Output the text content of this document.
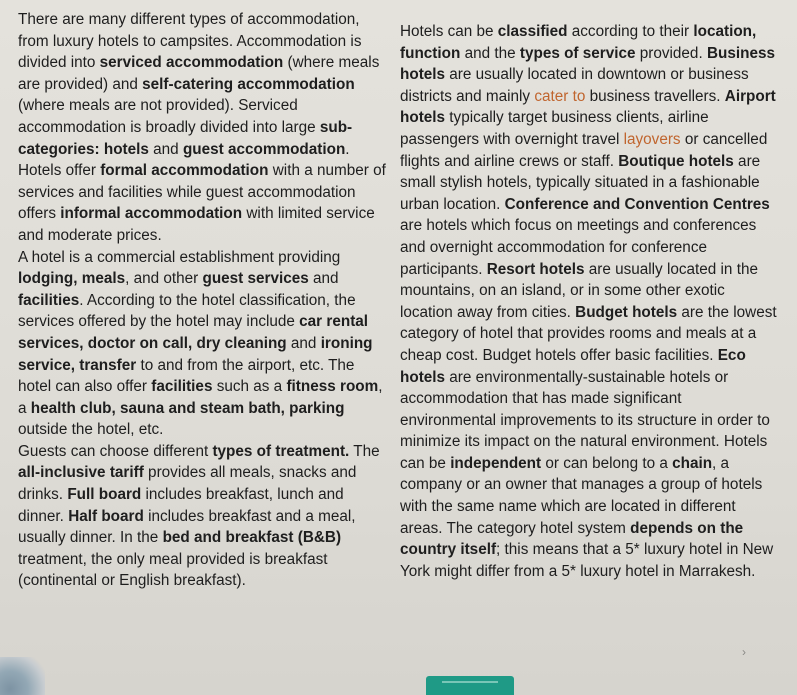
There are many different types of accommodation, from luxury hotels to campsites. Accommodation is divided into serviced accommodation (where meals are provided) and self-catering accommodation (where meals are not provided). Serviced accommodation is broadly divided into large sub-categories: hotels and guest accommodation. Hotels offer formal accommodation with a number of services and facilities while guest accommodation offers informal accommodation with limited service and moderate prices.

A hotel is a commercial establishment providing lodging, meals, and other guest services and facilities. According to the hotel classification, the services offered by the hotel may include car rental services, doctor on call, dry cleaning and ironing service, transfer to and from the airport, etc. The hotel can also offer facilities such as a fitness room, a health club, sauna and steam bath, parking outside the hotel, etc.

Guests can choose different types of treatment. The all-inclusive tariff provides all meals, snacks and drinks. Full board includes breakfast, lunch and dinner. Half board includes breakfast and a meal, usually dinner. In the bed and breakfast (B&B) treatment, the only meal provided is breakfast (continental or English breakfast).

Hotels can be classified according to their location, function and the types of service provided. Business hotels are usually located in downtown or business districts and mainly cater to business travellers. Airport hotels typically target business clients, airline passengers with overnight travel layovers or cancelled flights and airline crews or staff. Boutique hotels are small stylish hotels, typically situated in a fashionable urban location. Conference and Convention Centres are hotels which focus on meetings and conferences and overnight accommodation for conference participants. Resort hotels are usually located in the mountains, on an island, or in some other exotic location away from cities. Budget hotels are the lowest category of hotel that provides rooms and meals at a cheap cost. Budget hotels offer basic facilities. Eco hotels are environmentally-sustainable hotels or accommodation that has made significant environmental improvements to its structure in order to minimize its impact on the natural environment. Hotels can be independent or can belong to a chain, a company or an owner that manages a group of hotels with the same name which are located in different areas. The category hotel system depends on the country itself; this means that a 5* luxury hotel in New York might differ from a 5* luxury hotel in Marrakesh.

›
